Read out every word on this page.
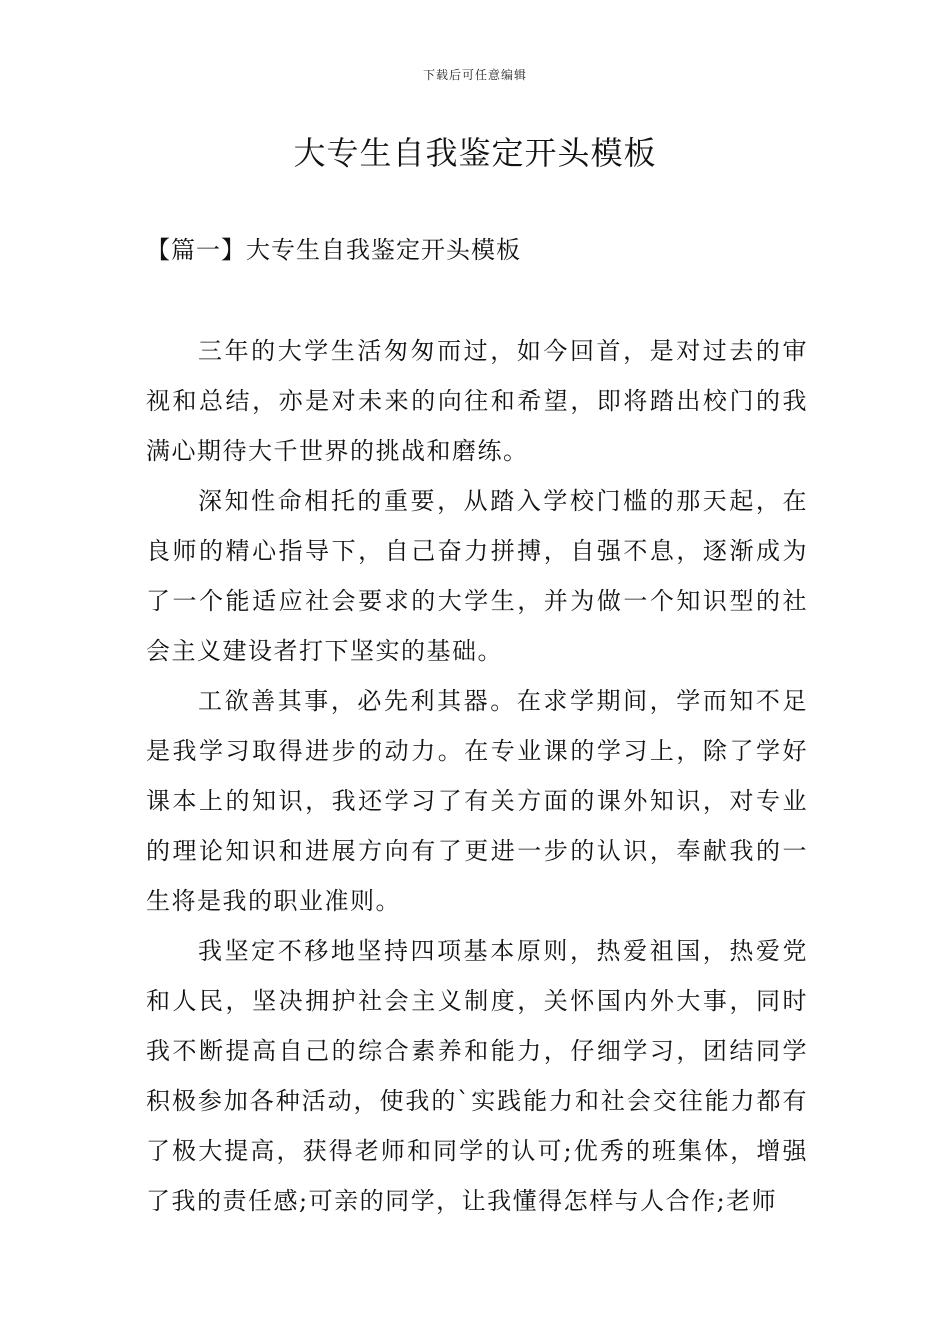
下载后可任意编辑
大专生自我鉴定开头模板
【篇一】大专生自我鉴定开头模板

三年的大学生活匆匆而过，如今回首，是对过去的审视和总结，亦是对未来的向往和希望，即将踏出校门的我满心期待大千世界的挑战和磨练。

深知性命相托的重要，从踏入学校门槛的那天起，在良师的精心指导下，自己奋力拼搏，自强不息，逐渐成为了一个能适应社会要求的大学生，并为做一个知识型的社会主义建设者打下坚实的基础。

工欲善其事，必先利其器。在求学期间，学而知不足是我学习取得进步的动力。在专业课的学习上，除了学好课本上的知识，我还学习了有关方面的课外知识，对专业的理论知识和进展方向有了更进一步的认识，奉献我的一生将是我的职业准则。

我坚定不移地坚持四项基本原则，热爱祖国，热爱党和人民，坚决拥护社会主义制度，关怀国内外大事，同时我不断提高自己的综合素养和能力，仔细学习，团结同学积极参加各种活动，使我的`实践能力和社会交往能力都有了极大提高，获得老师和同学的认可;优秀的班集体，增强了我的责任感;可亲的同学，让我懂得怎样与人合作;老师
